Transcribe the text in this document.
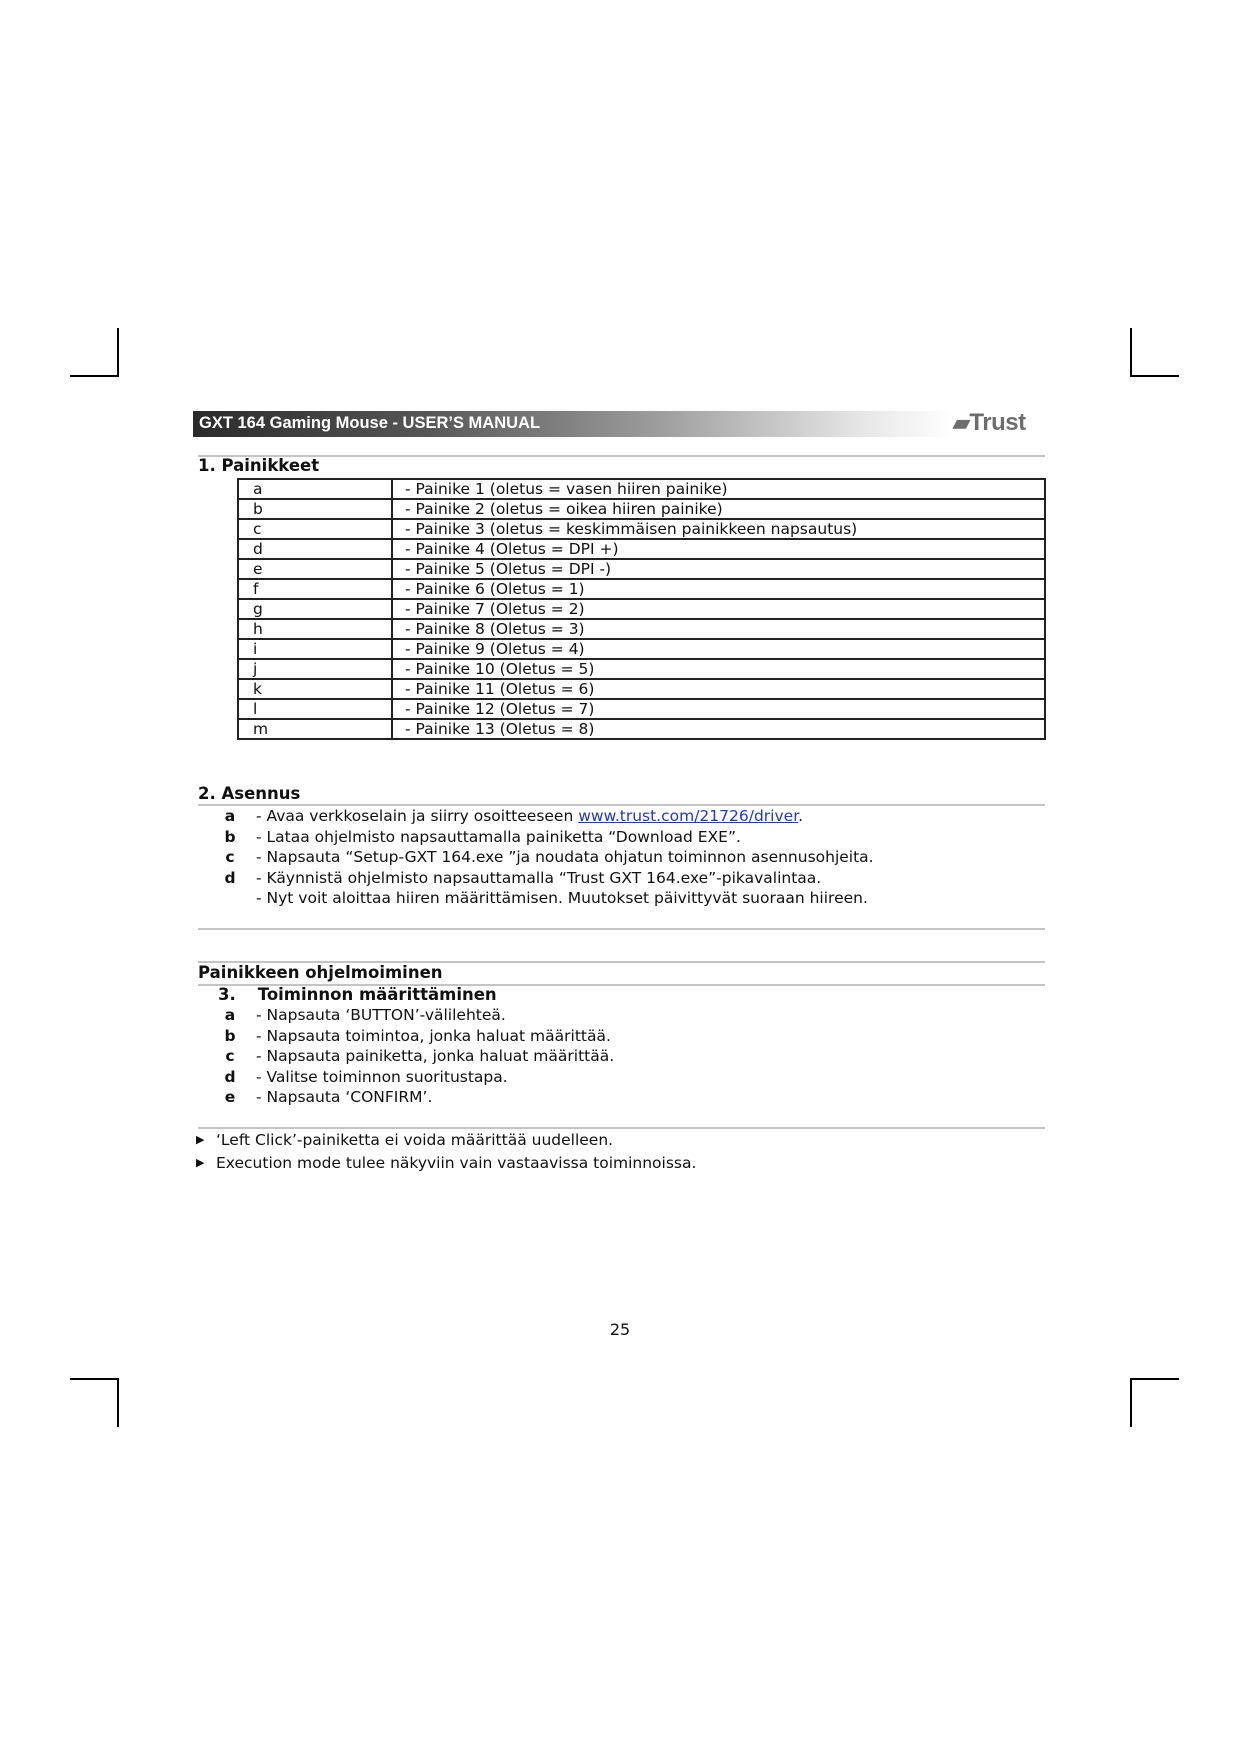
GXT 164 Gaming Mouse - USER’S MANUAL	▰Trust
1. Painikkeet
a	- Painike 1 (oletus = vasen hiiren painike)
b	- Painike 2 (oletus = oikea hiiren painike)
c	- Painike 3 (oletus = keskimmäisen painikkeen napsautus)
d	- Painike 4 (Oletus = DPI +)
e	- Painike 5 (Oletus = DPI -)
f	- Painike 6 (Oletus = 1)
g	- Painike 7 (Oletus = 2)
h	- Painike 8 (Oletus = 3)
i	- Painike 9 (Oletus = 4)
j	- Painike 10 (Oletus = 5)
k	- Painike 11 (Oletus = 6)
l	- Painike 12 (Oletus = 7)
m	- Painike 13 (Oletus = 8)
2. Asennus
a	- Avaa verkkoselain ja siirry osoitteeseen www.trust.com/21726/driver.
b - Lataa ohjelmisto napsauttamalla painiketta “Download EXE”.
c	- Napsauta “Setup-GXT 164.exe ”ja noudata ohjatun toiminnon asennusohjeita.
d - Käynnistä ohjelmisto napsauttamalla “Trust GXT 164.exe”-pikavalintaa.
- Nyt voit aloittaa hiiren määrittämisen. Muutokset päivittyvät suoraan hiireen.
Painikkeen ohjelmoiminen
3. Toiminnon määrittäminen
a	- Napsauta ‘BUTTON’-välilehteä.
b - Napsauta toimintoa, jonka haluat määrittää.
c	- Napsauta painiketta, jonka haluat määrittää.
d - Valitse toiminnon suoritustapa.
e	- Napsauta ‘CONFIRM’.
▶ ‘Left Click’-painiketta ei voida määrittää uudelleen.
▶ Execution mode tulee näkyviin vain vastaavissa toiminnoissa.
25
